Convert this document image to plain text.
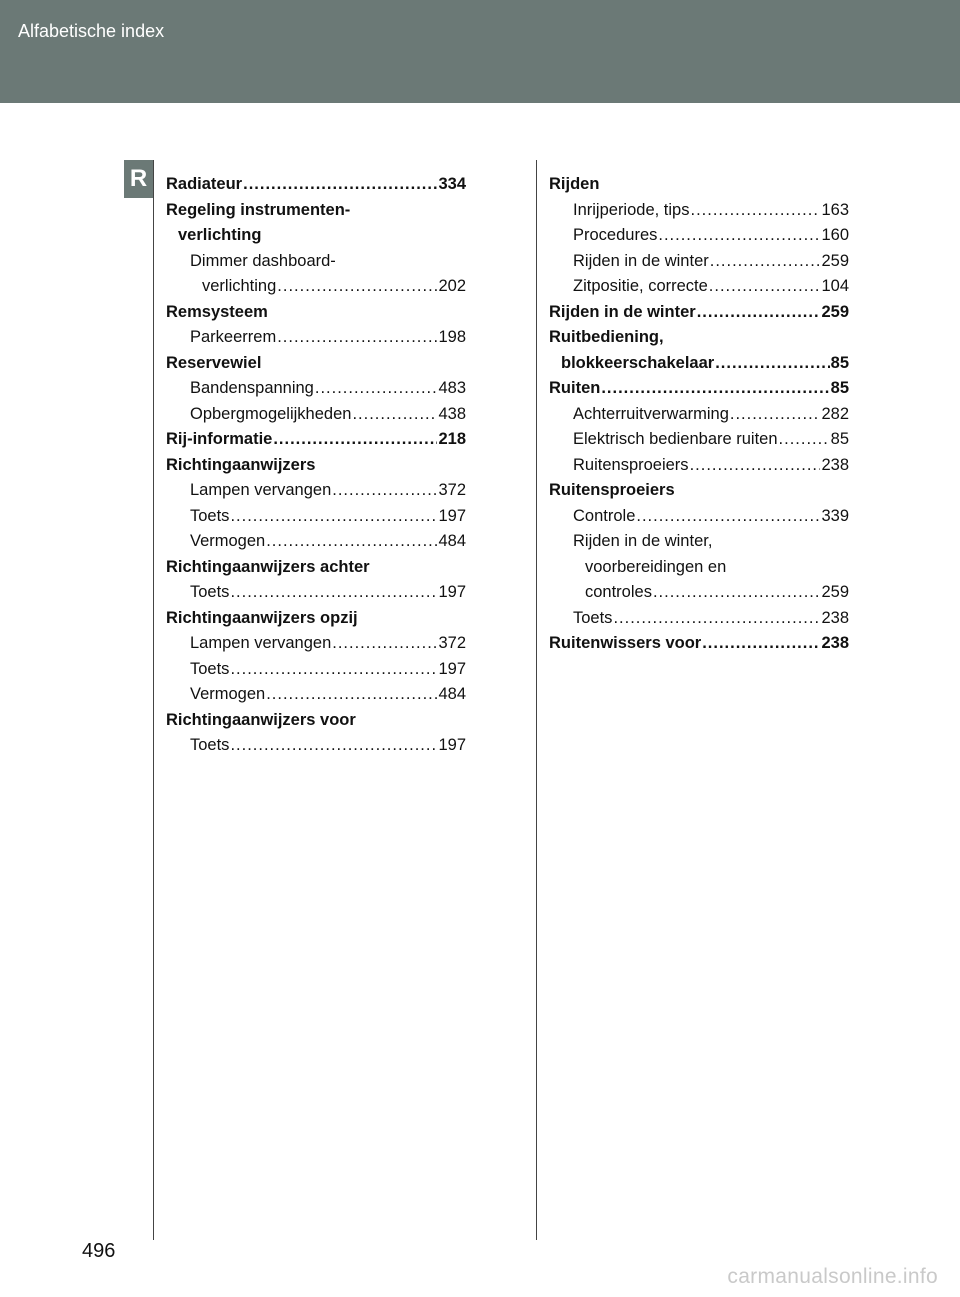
Alfabetische index
R	Radiateur .....	334
Regeling instrumenten-
verlichting
Dimmer dashboard-
verlichting .....	202
Remsysteem
Parkeerrem .....	198
Reservewiel
Bandenspanning .....	483
Opbergmogelijkheden .....	438
Rij-informatie .....	218
Richtingaanwijzers
Lampen vervangen .....	372
Toets .....	197
Vermogen .....	484
Richtingaanwijzers achter
Toets .....	197
Richtingaanwijzers opzij
Lampen vervangen .....	372
Toets .....	197
Vermogen .....	484
Richtingaanwijzers voor
Toets .....	197
Rijden
Inrijperiode, tips .....	163
Procedures .....	160
Rijden in de winter .....	259
Zitpositie, correcte .....	104
Rijden in de winter .....	259
Ruitbediening,
blokkeerschakelaar .....	85
Ruiten .....	85
Achterruitverwarming .....	282
Elektrisch bedienbare ruiten .....	85
Ruitensproeiers .....	238
Ruitensproeiers
Controle .....	339
Rijden in de winter,
voorbereidingen en
controles .....	259
Toets .....	238
Ruitenwissers voor .....	238
496
carmanualsonline.info
